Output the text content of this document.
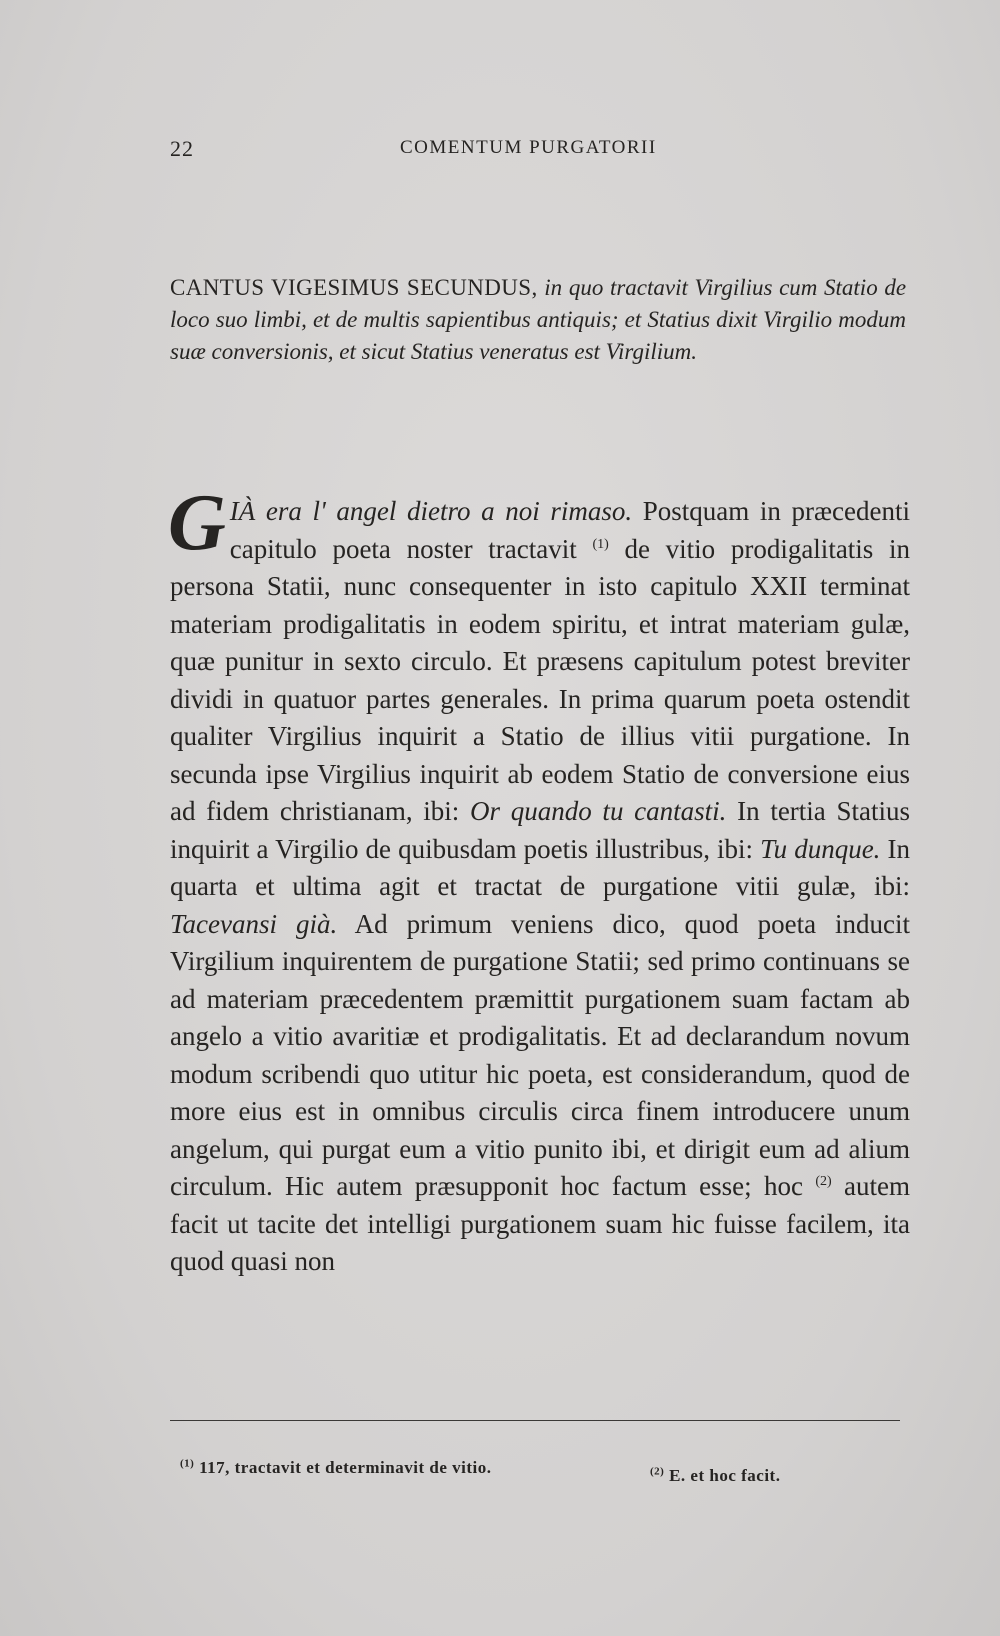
22	COMENTUM PURGATORII
CANTUS VIGESIMUS SECUNDUS, in quo tractavit Virgilius cum Statio de loco suo limbi, et de multis sapientibus antiquis; et Statius dixit Virgilio modum suæ conversionis, et sicut Statius veneratus est Virgilium.
G IÀ era l' angel dietro a noi rimaso. Postquam in præcedenti capitulo poeta noster tractavit $^{(1)}$ de vitio prodigalitatis in persona Statii, nunc consequenter in isto capitulo XXII terminat materiam prodigalitatis in eodem spiritu, et intrat materiam gulæ, quæ punitur in sexto circulo. Et præsens capitulum potest breviter dividi in quatuor partes generales. In prima quarum poeta ostendit qualiter Virgilius inquirit a Statio de illius vitii purgatione. In secunda ipse Virgilius inquirit ab eodem Statio de conversione eius ad fidem christianam, ibi: Or quando tu cantasti. In tertia Statius inquirit a Virgilio de quibusdam poetis illustribus, ibi: Tu dunque. In quarta et ultima agit et tractat de purgatione vitii gulæ, ibi: Tacevansi già. Ad primum veniens dico, quod poeta inducit Virgilium inquirentem de purgatione Statii; sed primo continuans se ad materiam præcedentem præmittit purgationem suam factam ab angelo a vitio avaritiæ et prodigalitatis. Et ad declarandum novum modum scribendi quo utitur hic poeta, est considerandum, quod de more eius est in omnibus circulis circa finem introducere unum angelum, qui purgat eum a vitio punito ibi, et dirigit eum ad alium circulum. Hic autem præsupponit hoc factum esse; hoc $^{(2)}$ autem facit ut tacite det intelligi purgationem suam hic fuisse facilem, ita quod quasi non
$^{(1)}$ 117, tractavit et determinavit de vitio.	$^{(2)}$ E. et hoc facit.
